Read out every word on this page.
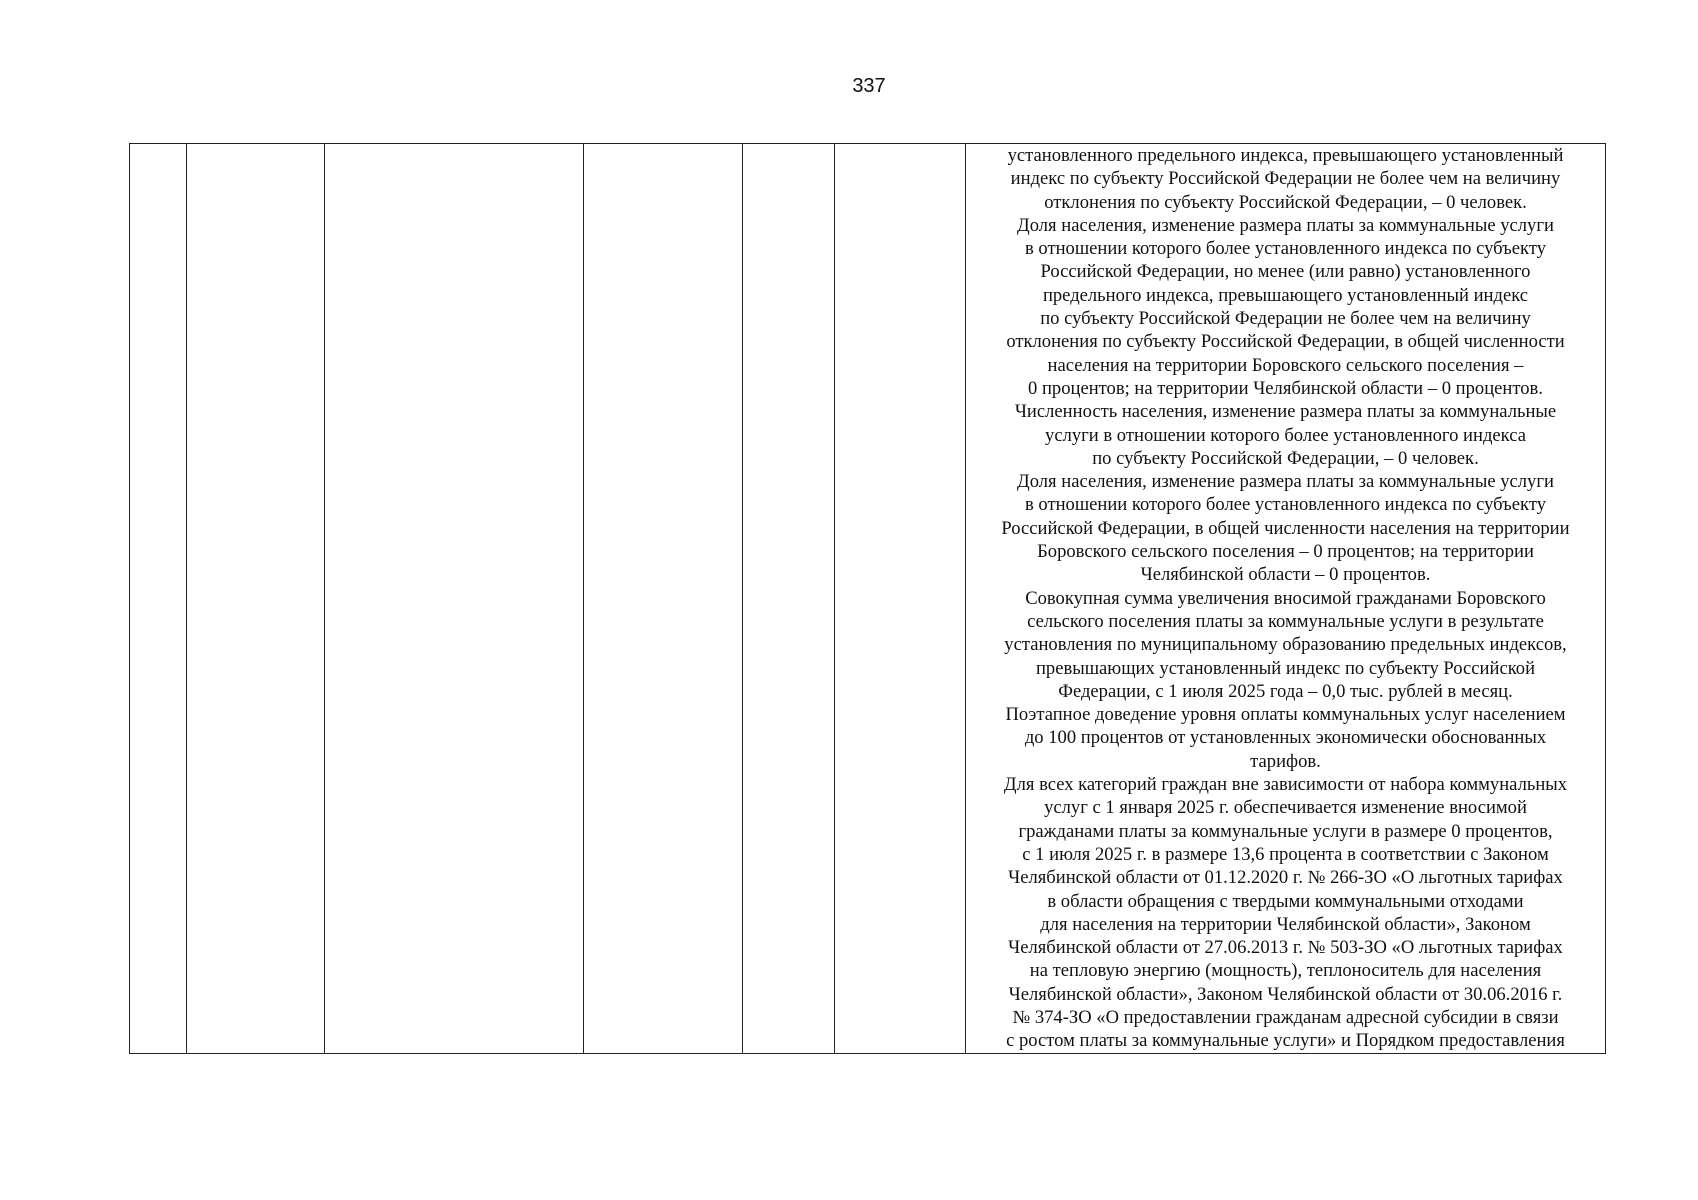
337

установленного предельного индекса, превышающего установленный
индекс по субъекту Российской Федерации не более чем на величину
отклонения по субъекту Российской Федерации, – 0 человек.
Доля населения, изменение размера платы за коммунальные услуги
в отношении которого более установленного индекса по субъекту
Российской Федерации, но менее (или равно) установленного
предельного индекса, превышающего установленный индекс
по субъекту Российской Федерации не более чем на величину
отклонения по субъекту Российской Федерации, в общей численности
населения на территории Боровского сельского поселения –
0 процентов; на территории Челябинской области – 0 процентов.
Численность населения, изменение размера платы за коммунальные
услуги в отношении которого более установленного индекса
по субъекту Российской Федерации, – 0 человек.
Доля населения, изменение размера платы за коммунальные услуги
в отношении которого более установленного индекса по субъекту
Российской Федерации, в общей численности населения на территории
Боровского сельского поселения – 0 процентов; на территории
Челябинской области – 0 процентов.
Совокупная сумма увеличения вносимой гражданами Боровского
сельского поселения платы за коммунальные услуги в результате
установления по муниципальному образованию предельных индексов,
превышающих установленный индекс по субъекту Российской
Федерации, с 1 июля 2025 года – 0,0 тыс. рублей в месяц.
Поэтапное доведение уровня оплаты коммунальных услуг населением
до 100 процентов от установленных экономически обоснованных
тарифов.
Для всех категорий граждан вне зависимости от набора коммунальных
услуг с 1 января 2025 г. обеспечивается изменение вносимой
гражданами платы за коммунальные услуги в размере 0 процентов,
с 1 июля 2025 г. в размере 13,6 процента в соответствии с Законом
Челябинской области от 01.12.2020 г. № 266-ЗО «О льготных тарифах
в области обращения с твердыми коммунальными отходами
для населения на территории Челябинской области», Законом
Челябинской области от 27.06.2013 г. № 503-ЗО «О льготных тарифах
на тепловую энергию (мощность), теплоноситель для населения
Челябинской области», Законом Челябинской области от 30.06.2016 г.
№ 374-ЗО «О предоставлении гражданам адресной субсидии в связи
с ростом платы за коммунальные услуги» и Порядком предоставления
